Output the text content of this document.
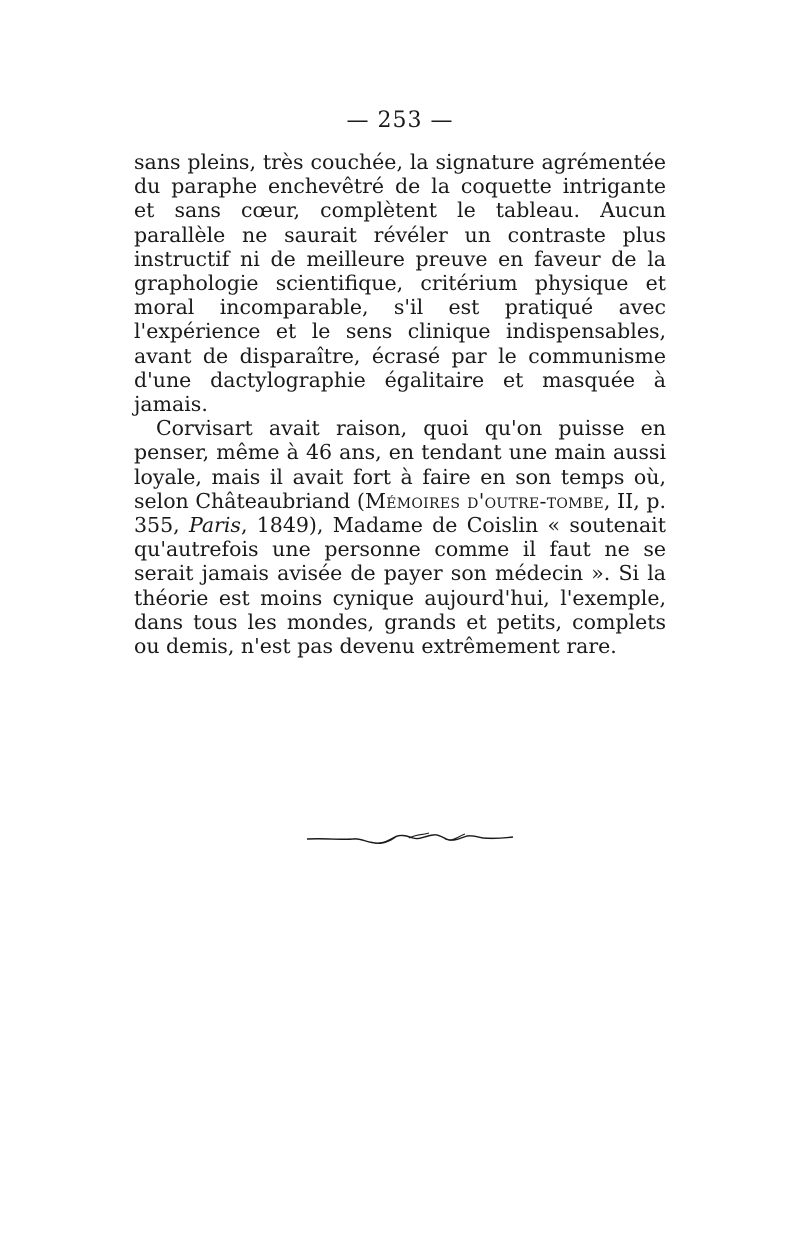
— 253 —

sans pleins, très couchée, la signature agrémentée du paraphe enchevêtré de la coquette intrigante et sans cœur, complètent le tableau. Aucun parallèle ne saurait révéler un contraste plus instructif ni de meilleure preuve en faveur de la graphologie scientifique, critérium physique et moral incomparable, s'il est pratiqué avec l'expérience et le sens clinique indispensables, avant de disparaître, écrasé par le communisme d'une dactylographie égalitaire et masquée à jamais.

Corvisart avait raison, quoi qu'on puisse en penser, même à 46 ans, en tendant une main aussi loyale, mais il avait fort à faire en son temps où, selon Châteaubriand (Mémoires d'outre-tombe, II, p. 355, Paris, 1849), Madame de Coislin « soutenait qu'autrefois une personne comme il faut ne se serait jamais avisée de payer son médecin ». Si la théorie est moins cynique aujourd'hui, l'exemple, dans tous les mondes, grands et petits, complets ou demis, n'est pas devenu extrêmement rare.
